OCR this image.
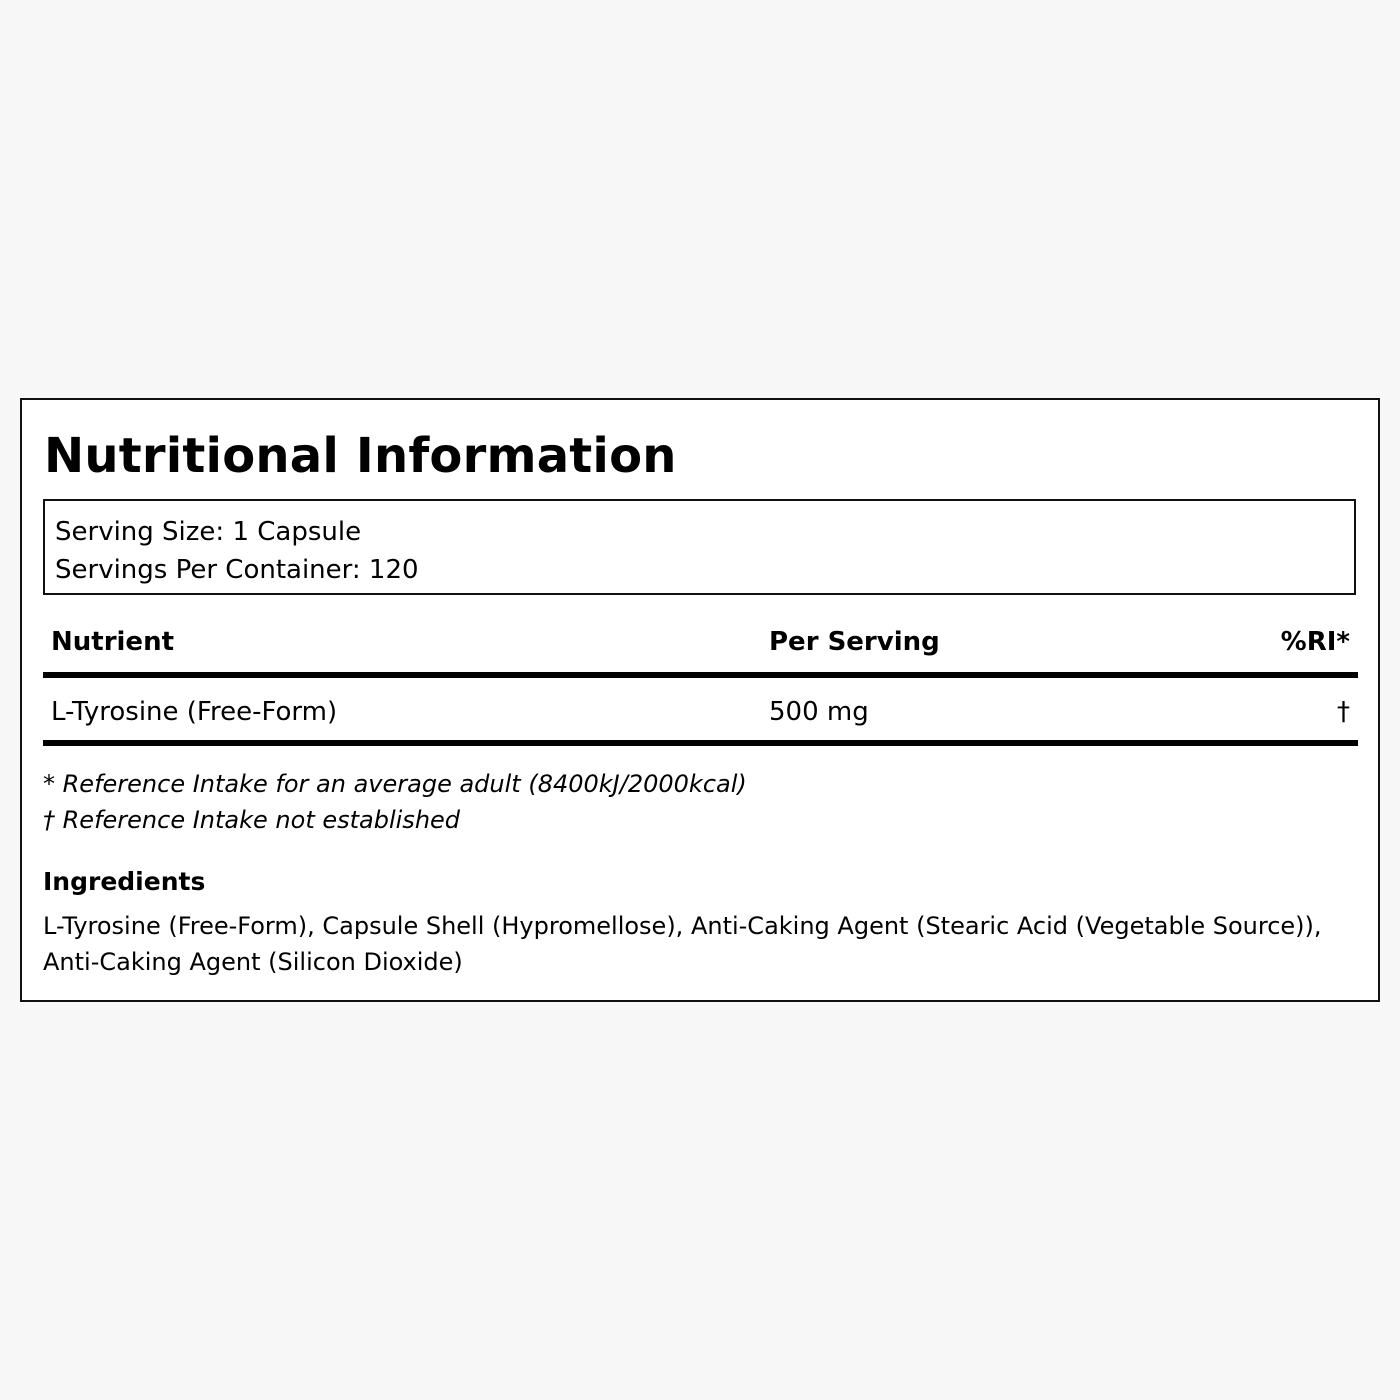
Nutritional Information
Serving Size: 1 Capsule
Servings Per Container: 120
Nutrient	Per Serving	%RI*
L-Tyrosine (Free-Form)	500 mg	†
* Reference Intake for an average adult (8400kJ/2000kcal)
† Reference Intake not established
Ingredients
L-Tyrosine (Free-Form), Capsule Shell (Hypromellose), Anti-Caking Agent (Stearic Acid (Vegetable Source)), Anti-Caking Agent (Silicon Dioxide)
